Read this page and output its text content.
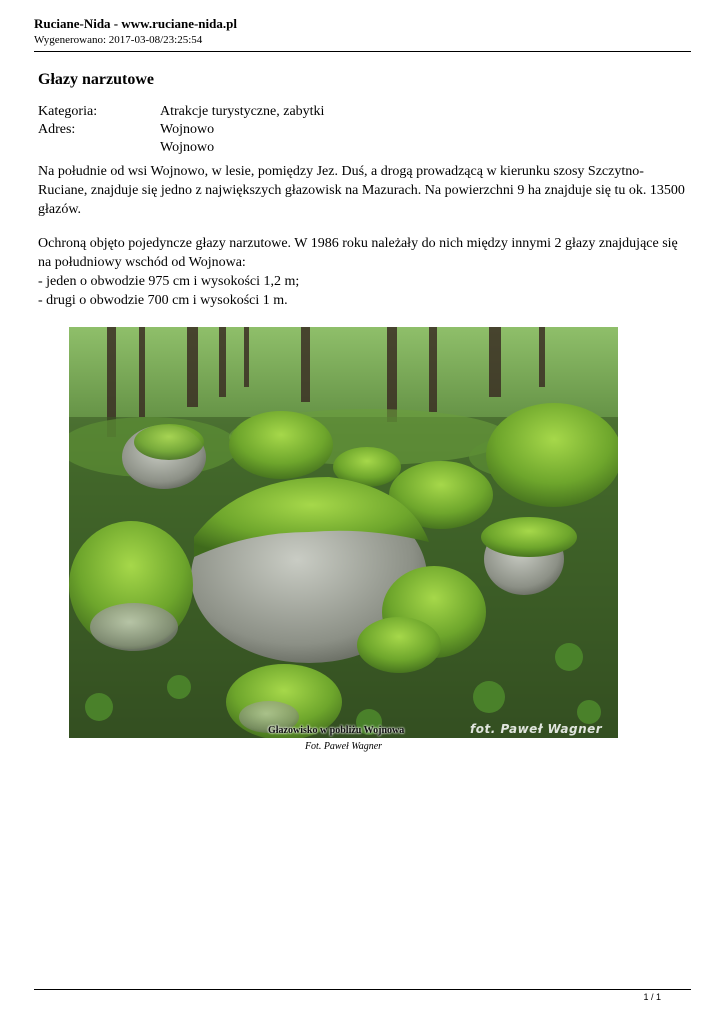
Ruciane-Nida - www.ruciane-nida.pl
Wygenerowano: 2017-03-08/23:25:54
Głazy narzutowe
Kategoria:	Atrakcje turystyczne, zabytki
Adres:	Wojnowo
Wojnowo

Na południe od wsi Wojnowo, w lesie, pomiędzy Jez. Duś, a drogą prowadzącą w kierunku szosy Szczytno-Ruciane, znajduje się jedno z największych głazowisk na Mazurach. Na powierzchni 9 ha znajduje się tu ok. 13500 głazów.

Ochroną objęto pojedyncze głazy narzutowe. W 1986 roku należały do nich między innymi 2 głazy znajdujące się na południowy wschód od Wojnowa:
- jeden o obwodzie 975 cm i wysokości 1,2 m;
- drugi o obwodzie 700 cm i wysokości 1 m.
Głazowisko w pobliżu Wojnowa	fot. Paweł Wagner
Fot. Paweł Wagner
1 / 1
